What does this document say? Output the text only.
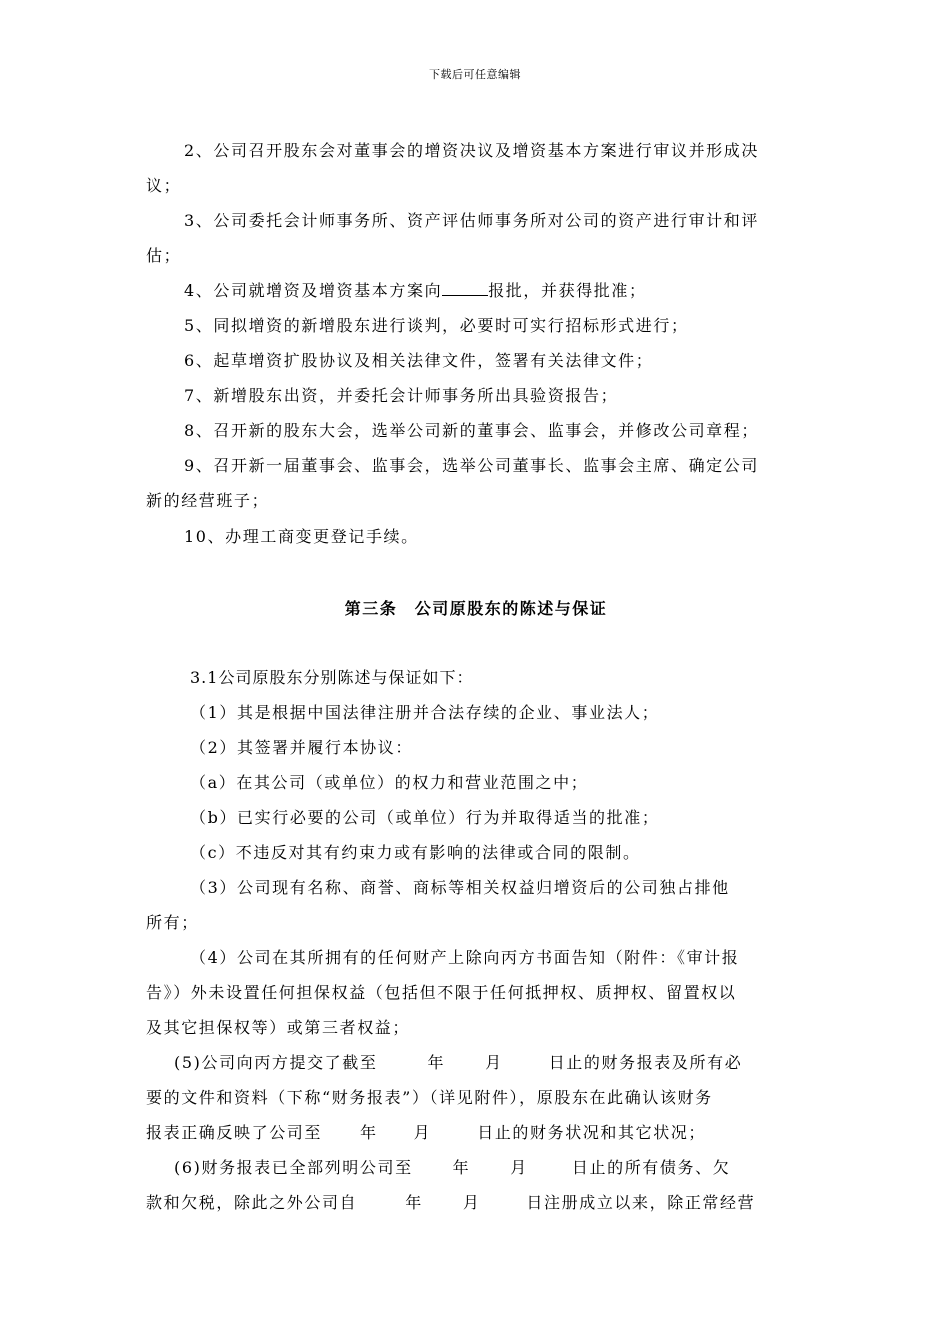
下载后可任意编辑
2、公司召开股东会对董事会的增资决议及增资基本方案进行审议并形成决
议；
3、公司委托会计师事务所、资产评估师事务所对公司的资产进行审计和评
估；
4、公司就增资及增资基本方案向	报批，并获得批准；
5、同拟增资的新增股东进行谈判，必要时可实行招标形式进行；
6、起草增资扩股协议及相关法律文件，签署有关法律文件；
7、新增股东出资，并委托会计师事务所出具验资报告；
8、召开新的股东大会，选举公司新的董事会、监事会，并修改公司章程；
9、召开新一届董事会、监事会，选举公司董事长、监事会主席、确定公司
新的经营班子；
10、办理工商变更登记手续。
第三条　公司原股东的陈述与保证
3.1公司原股东分别陈述与保证如下：
（1）其是根据中国法律注册并合法存续的企业、事业法人；
（2）其签署并履行本协议：
（a）在其公司（或单位）的权力和营业范围之中；
（b）已实行必要的公司（或单位）行为并取得适当的批准；
（c）不违反对其有约束力或有影响的法律或合同的限制。
（3）公司现有名称、商誉、商标等相关权益归增资后的公司独占排他
所有；
（4）公司在其所拥有的任何财产上除向丙方书面告知（附件：《审计报
告》）外未设置任何担保权益（包括但不限于任何抵押权、质押权、留置权以
及其它担保权等）或第三者权益；
(5)公司向丙方提交了截至	年	月	日止的财务报表及所有必
要的文件和资料（下称“财务报表”）（详见附件），原股东在此确认该财务
报表正确反映了公司至 年 月	日止的财务状况和其它状况；
(6)财务报表已全部列明公司至	年	月	日止的所有债务、欠
款和欠税，除此之外公司自	年	月	日注册成立以来，除正常经营
